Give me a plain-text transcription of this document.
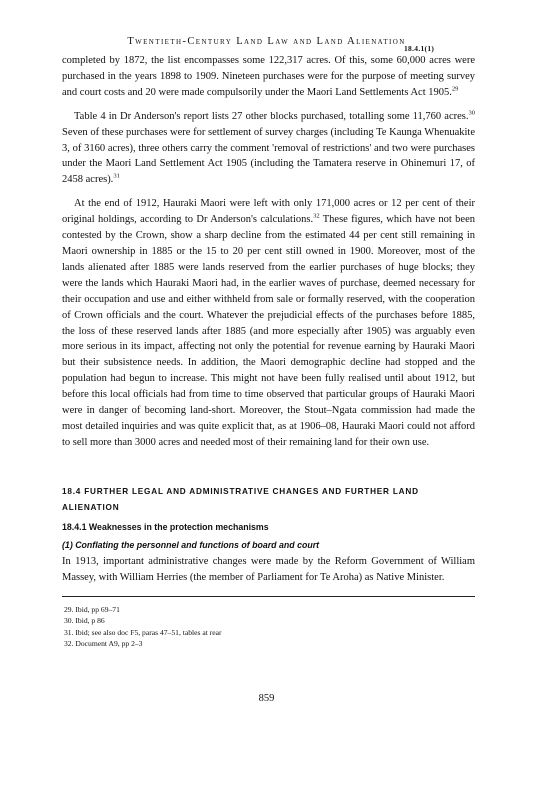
Twentieth-Century Land Law and Land Alienation
18.4.1(1)

completed by 1872, the list encompasses some 122,317 acres. Of this, some 60,000 acres were purchased in the years 1898 to 1909. Nineteen purchases were for the purpose of meeting survey and court costs and 20 were made compulsorily under the Maori Land Settlements Act 1905.29

Table 4 in Dr Anderson's report lists 27 other blocks purchased, totalling some 11,760 acres.$^{30}$ Seven of these purchases were for settlement of survey charges (including Te Kaunga Whenuakite 3, of 3160 acres), three others carry the comment 'removal of restrictions' and two were purchases under the Maori Land Settlement Act 1905 (including the Tamatera reserve in Ohinemuri 17, of 2458 acres).$^{31}$

At the end of 1912, Hauraki Maori were left with only 171,000 acres or 12 per cent of their original holdings, according to Dr Anderson's calculations.$^{32}$ These figures, which have not been contested by the Crown, show a sharp decline from the estimated 44 per cent still remaining in Maori ownership in 1885 or the 15 to 20 per cent still owned in 1900. Moreover, most of the lands alienated after 1885 were lands reserved from the earlier purchases of huge blocks; they were the lands which Hauraki Maori had, in the earlier waves of purchase, deemed necessary for their occupation and use and either withheld from sale or formally reserved, with the cooperation of Crown officials and the court. Whatever the prejudicial effects of the purchases before 1885, the loss of these reserved lands after 1885 (and more especially after 1905) was arguably even more serious in its impact, affecting not only the potential for revenue earning by Hauraki Maori but their subsistence needs. In addition, the Maori demographic decline had stopped and the population had begun to increase. This might not have been fully realised until about 1912, but before this local officials had from time to time observed that particular groups of Hauraki Maori were in danger of becoming land-short. Moreover, the Stout–Ngata commission had made the most detailed inquiries and was quite explicit that, as at 1906–08, Hauraki Maori could not afford to sell more than 3000 acres and needed most of their remaining land for their own use.

18.4 FURTHER LEGAL AND ADMINISTRATIVE CHANGES AND FURTHER LAND ALIENATION
18.4.1 Weaknesses in the protection mechanisms
(1) Conflating the personnel and functions of board and court
In 1913, important administrative changes were made by the Reform Government of William Massey, with William Herries (the member of Parliament for Te Aroha) as Native Minister.
29. Ibid, pp 69–71
30. Ibid, p 86
31. Ibid; see also doc F5, paras 47–51, tables at rear
32. Document A9, pp 2–3
859
